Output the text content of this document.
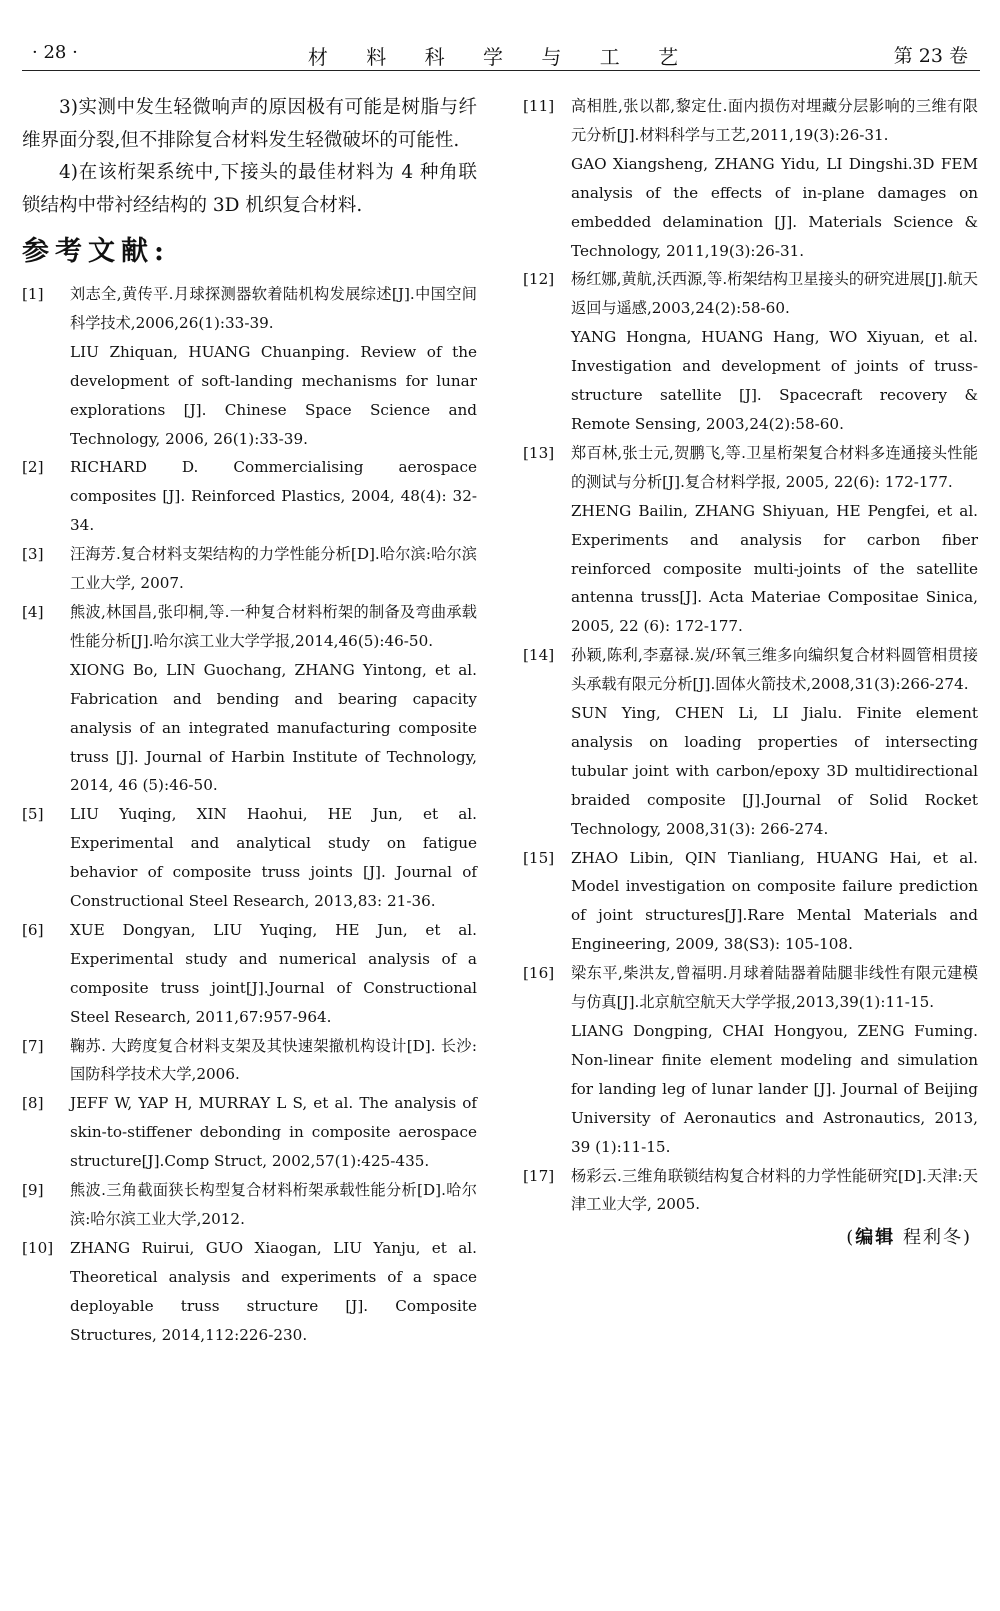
· 28 ·	材 料 科 学 与 工 艺	第 23 卷

3)实测中发生轻微响声的原因极有可能是树脂与纤维界面分裂,但不排除复合材料发生轻微破坏的可能性.

4)在该桁架系统中,下接头的最佳材料为 4 种角联锁结构中带衬经结构的 3D 机织复合材料.

参考文献:
[1]	刘志全,黄传平.月球探测器软着陆机构发展综述[J].中国空间科学技术,2006,26(1):33-39.
LIU Zhiquan, HUANG Chuanping. Review of the development of soft-landing mechanisms for lunar explorations [J]. Chinese Space Science and Technology, 2006, 26(1):33-39.
[2]	RICHARD D. Commercialising aerospace composites [J]. Reinforced Plastics, 2004, 48(4): 32-34.
[3]	汪海芳.复合材料支架结构的力学性能分析[D].哈尔滨:哈尔滨工业大学, 2007.
[4]	熊波,林国昌,张印桐,等.一种复合材料桁架的制备及弯曲承载性能分析[J].哈尔滨工业大学学报,2014,46(5):46-50.
XIONG Bo, LIN Guochang, ZHANG Yintong, et al. Fabrication and bending and bearing capacity analysis of an integrated manufacturing composite truss [J]. Journal of Harbin Institute of Technology, 2014, 46 (5):46-50.
[5]	LIU Yuqing, XIN Haohui, HE Jun, et al. Experimental and analytical study on fatigue behavior of composite truss joints [J]. Journal of Constructional Steel Research, 2013,83: 21-36.
[6]	XUE Dongyan, LIU Yuqing, HE Jun, et al. Experimental study and numerical analysis of a composite truss joint[J].Journal of Constructional Steel Research, 2011,67:957-964.
[7]	鞠苏. 大跨度复合材料支架及其快速架撤机构设计[D]. 长沙:国防科学技术大学,2006.
[8]	JEFF W, YAP H, MURRAY L S, et al. The analysis of skin-to-stiffener debonding in composite aerospace structure[J].Comp Struct, 2002,57(1):425-435.
[9]	熊波.三角截面狭长构型复合材料桁架承载性能分析[D].哈尔滨:哈尔滨工业大学,2012.
[10]	ZHANG Ruirui, GUO Xiaogan, LIU Yanju, et al. Theoretical analysis and experiments of a space deployable truss structure [J]. Composite Structures, 2014,112:226-230.
[11]	高相胜,张以都,黎定仕.面内损伤对埋藏分层影响的三维有限元分析[J].材料科学与工艺,2011,19(3):26-31.
GAO Xiangsheng, ZHANG Yidu, LI Dingshi.3D FEM analysis of the effects of in-plane damages on embedded delamination [J]. Materials Science & Technology, 2011,19(3):26-31.
[12]	杨红娜,黄航,沃西源,等.桁架结构卫星接头的研究进展[J].航天返回与遥感,2003,24(2):58-60.
YANG Hongna, HUANG Hang, WO Xiyuan, et al. Investigation and development of joints of truss-structure satellite [J]. Spacecraft recovery & Remote Sensing, 2003,24(2):58-60.
[13]	郑百林,张士元,贺鹏飞,等.卫星桁架复合材料多连通接头性能的测试与分析[J].复合材料学报, 2005, 22(6): 172-177.
ZHENG Bailin, ZHANG Shiyuan, HE Pengfei, et al. Experiments and analysis for carbon fiber reinforced composite multi-joints of the satellite antenna truss[J]. Acta Materiae Compositae Sinica, 2005, 22 (6): 172-177.
[14]	孙颖,陈利,李嘉禄.炭/环氧三维多向编织复合材料圆管相贯接头承载有限元分析[J].固体火箭技术,2008,31(3):266-274.
SUN Ying, CHEN Li, LI Jialu. Finite element analysis on loading properties of intersecting tubular joint with carbon/epoxy 3D multidirectional braided composite [J].Journal of Solid Rocket Technology, 2008,31(3): 266-274.
[15]	ZHAO Libin, QIN Tianliang, HUANG Hai, et al. Model investigation on composite failure prediction of joint structures[J].Rare Mental Materials and Engineering, 2009, 38(S3): 105-108.
[16]	梁东平,柴洪友,曾福明.月球着陆器着陆腿非线性有限元建模与仿真[J].北京航空航天大学学报,2013,39(1):11-15.
LIANG Dongping, CHAI Hongyou, ZENG Fuming. Non-linear finite element modeling and simulation for landing leg of lunar lander [J]. Journal of Beijing University of Aeronautics and Astronautics, 2013, 39 (1):11-15.
[17]	杨彩云.三维角联锁结构复合材料的力学性能研究[D].天津:天津工业大学, 2005.
(编辑 程利冬)
